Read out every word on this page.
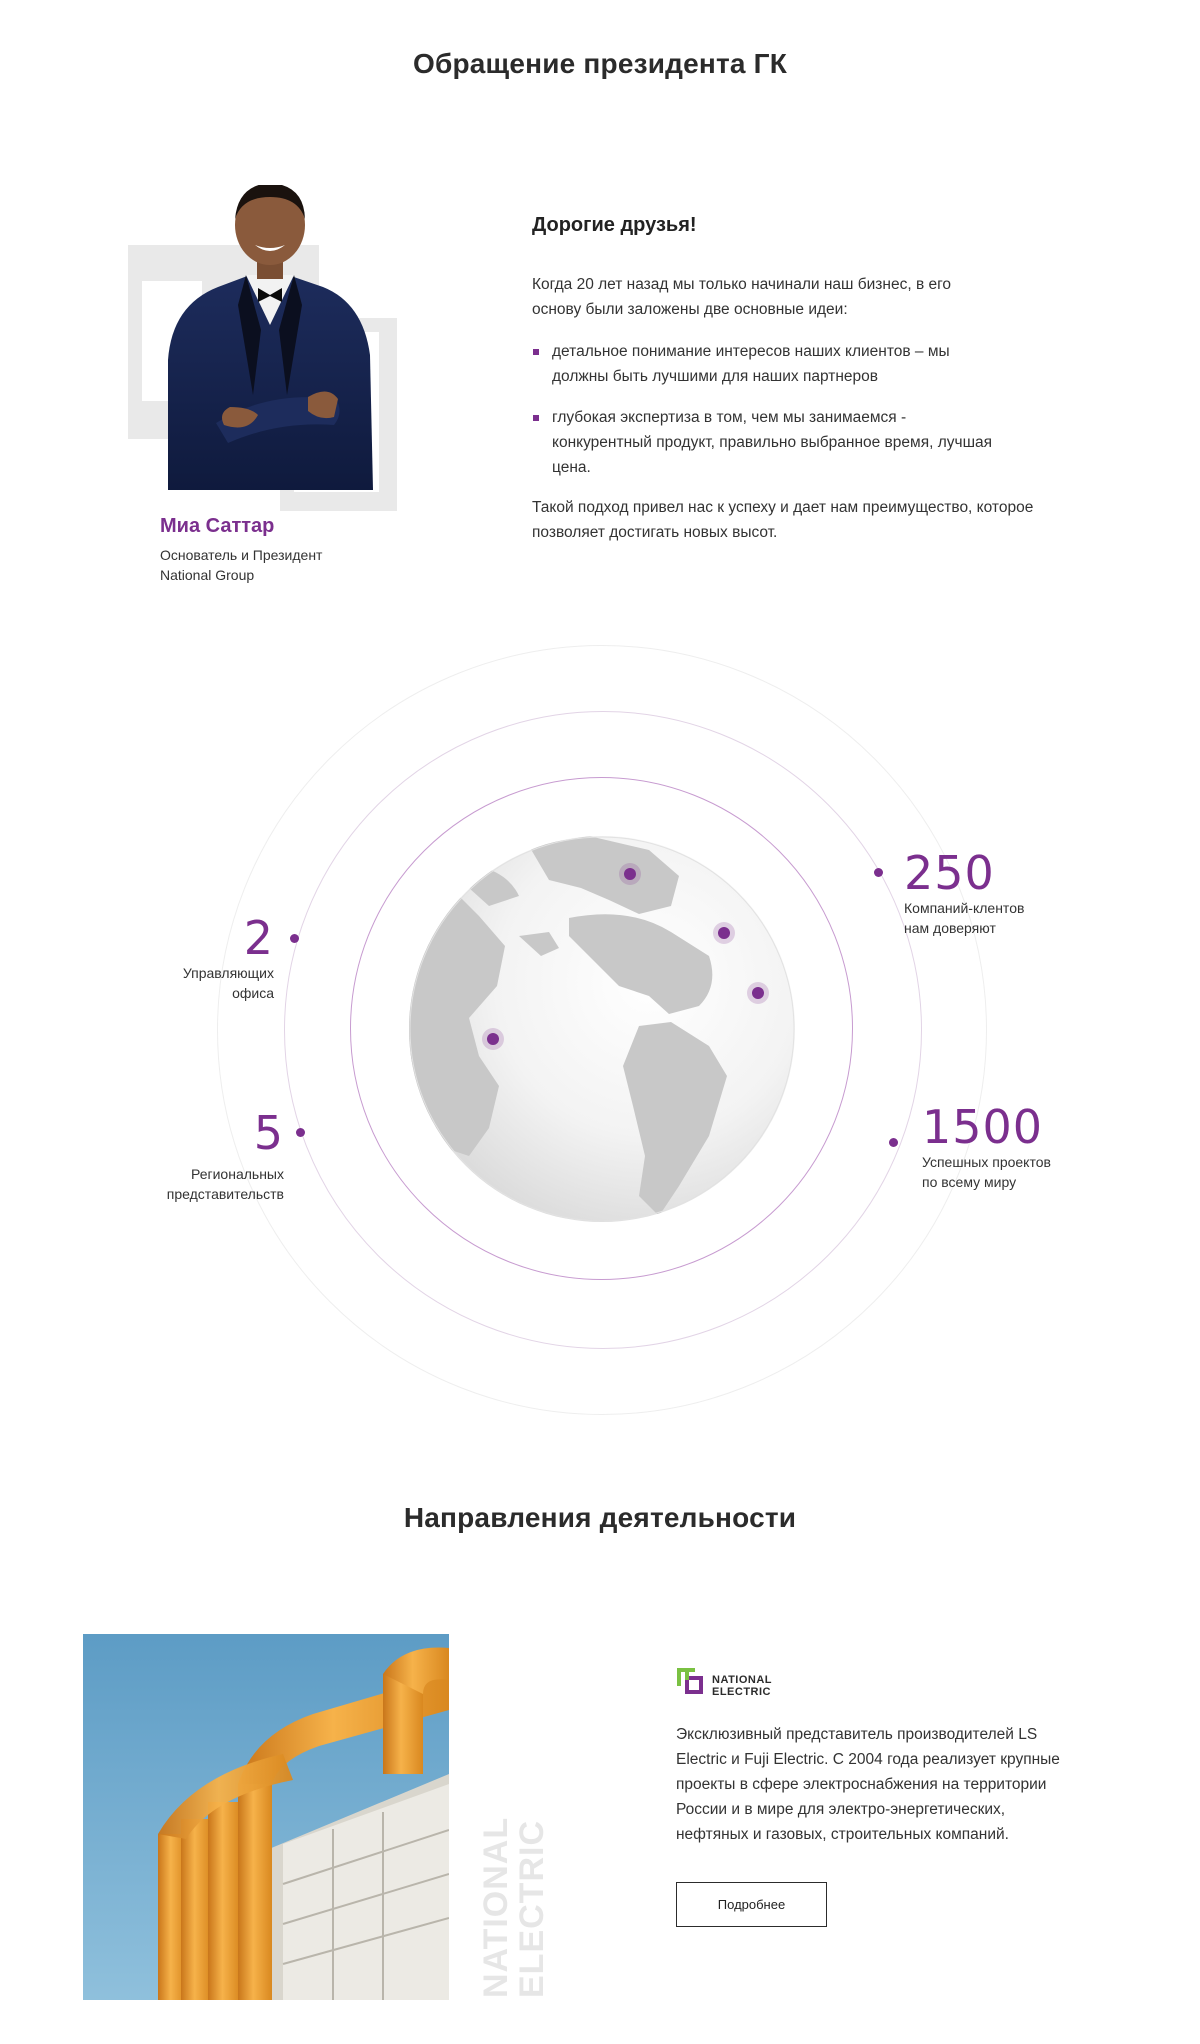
Обращение президента ГК
Миа Саттар
Основатель и Президент
National Group
Дорогие друзья!
Когда 20 лет назад мы только начинали наш бизнес, в его
основу были заложены две основные идеи:
детальное понимание интересов наших клиентов – мы
должны быть лучшими для наших партнеров
глубокая экспертиза в том, чем мы занимаемся -
конкурентный продукт, правильно выбранное время, лучшая
цена.
Такой подход привел нас к успеху и дает нам преимущество, которое
позволяет достигать новых высот.
2
Управляющих
офиса
5
Региональных
представительств
250
Компаний-клентов
нам доверяют
1500
Успешных проектов
по всему миру
Направления деятельности
NATIONAL
ELECTRIC
NATIONAL
ELECTRIC
Эксклюзивный представитель производителей LS
Electric и Fuji Electric. С 2004 года реализует крупные
проекты в сфере электроснабжения на территории
России и в мире для электро-энергетических,
нефтяных и газовых, строительных компаний.
Подробнее
